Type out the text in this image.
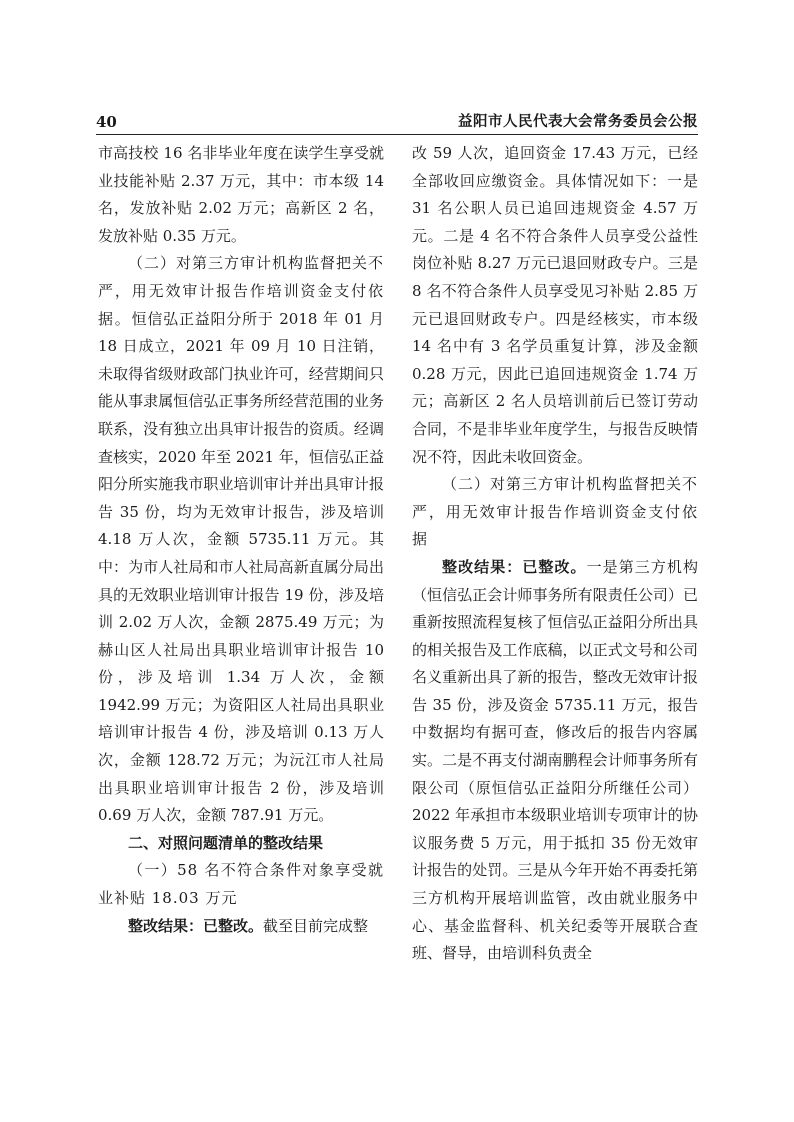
40	益阳市人民代表大会常务委员会公报

市高技校 16 名非毕业年度在读学生享受就业技能补贴 2.37 万元，其中：市本级 14 名，发放补贴 2.02 万元；高新区 2 名，发放补贴 0.35 万元。

（二）对第三方审计机构监督把关不严，用无效审计报告作培训资金支付依据。恒信弘正益阳分所于 2018 年 01 月 18 日成立，2021 年 09 月 10 日注销，未取得省级财政部门执业许可，经营期间只能从事隶属恒信弘正事务所经营范围的业务联系，没有独立出具审计报告的资质。经调查核实，2020 年至 2021 年，恒信弘正益阳分所实施我市职业培训审计并出具审计报告 35 份，均为无效审计报告，涉及培训 4.18 万人次，金额 5735.11 万元。其中：为市人社局和市人社局高新直属分局出具的无效职业培训审计报告 19 份，涉及培训 2.02 万人次，金额 2875.49 万元；为赫山区人社局出具职业培训审计报告 10 份，涉及培训 1.34 万人次，金额 1942.99 万元；为资阳区人社局出具职业培训审计报告 4 份，涉及培训 0.13 万人次，金额 128.72 万元；为沅江市人社局出具职业培训审计报告 2 份，涉及培训 0.69 万人次，金额 787.91 万元。

二、对照问题清单的整改结果

（一）58 名不符合条件对象享受就业补贴 18.03 万元

整改结果：已整改。截至目前完成整

改 59 人次，追回资金 17.43 万元，已经全部收回应缴资金。具体情况如下：一是 31 名公职人员已追回违规资金 4.57 万元。二是 4 名不符合条件人员享受公益性岗位补贴 8.27 万元已退回财政专户。三是 8 名不符合条件人员享受见习补贴 2.85 万元已退回财政专户。四是经核实，市本级 14 名中有 3 名学员重复计算，涉及金额 0.28 万元，因此已追回违规资金 1.74 万元；高新区 2 名人员培训前后已签订劳动合同，不是非毕业年度学生，与报告反映情况不符，因此未收回资金。

（二）对第三方审计机构监督把关不严，用无效审计报告作培训资金支付依据

整改结果：已整改。一是第三方机构（恒信弘正会计师事务所有限责任公司）已重新按照流程复核了恒信弘正益阳分所出具的相关报告及工作底稿，以正式文号和公司名义重新出具了新的报告，整改无效审计报告 35 份，涉及资金 5735.11 万元，报告中数据均有据可查，修改后的报告内容属实。二是不再支付湖南鹏程会计师事务所有限公司（原恒信弘正益阳分所继任公司）2022 年承担市本级职业培训专项审计的协议服务费 5 万元，用于抵扣 35 份无效审计报告的处罚。三是从今年开始不再委托第三方机构开展培训监管，改由就业服务中心、基金监督科、机关纪委等开展联合查班、督导，由培训科负责全
